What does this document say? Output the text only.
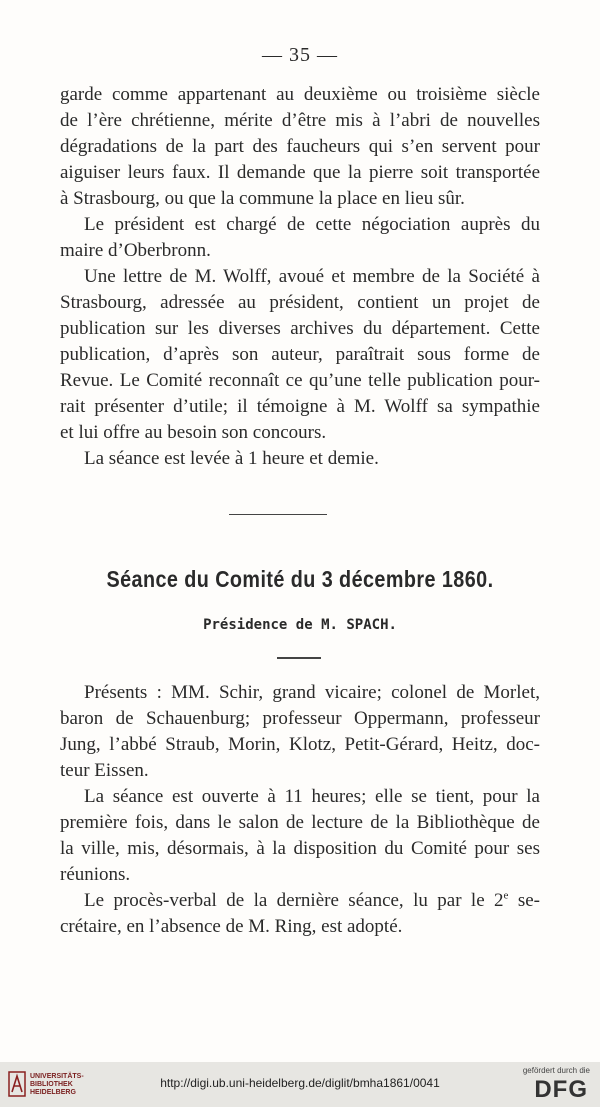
— 35 —
garde comme appartenant au deuxième ou troisième siècle
de l’ère chrétienne, mérite d’être mis à l’abri de nouvelles
dégradations de la part des faucheurs qui s’en servent pour
aiguiser leurs faux. Il demande que la pierre soit transportée
à Strasbourg, ou que la commune la place en lieu sûr.
Le président est chargé de cette négociation auprès du
maire d’Oberbronn.
Une lettre de M. Wolff, avoué et membre de la Société à
Strasbourg, adressée au président, contient un projet de
publication sur les diverses archives du département. Cette
publication, d’après son auteur, paraîtrait sous forme de
Revue. Le Comité reconnaît ce qu’une telle publication pour-
rait présenter d’utile; il témoigne à M. Wolff sa sympathie
et lui offre au besoin son concours.
La séance est levée à 1 heure et demie.
Séance du Comité du 3 décembre 1860.
Présidence de M. SPACH.
Présents : MM. Schir, grand vicaire; colonel de Morlet,
baron de Schauenburg; professeur Oppermann, professeur
Jung, l’abbé Straub, Morin, Klotz, Petit-Gérard, Heitz, doc-
teur Eissen.
La séance est ouverte à 11 heures; elle se tient, pour la
première fois, dans le salon de lecture de la Bibliothèque de
la ville, mis, désormais, à la disposition du Comité pour ses
réunions.
Le procès-verbal de la dernière séance, lu par le 2e se-
crétaire, en l’absence de M. Ring, est adopté.
UNIVERSITÄTS-
BIBLIOTHEK
HEIDELBERG
http://digi.ub.uni-heidelberg.de/diglit/bmha1861/0041
gefördert durch die
DFG
